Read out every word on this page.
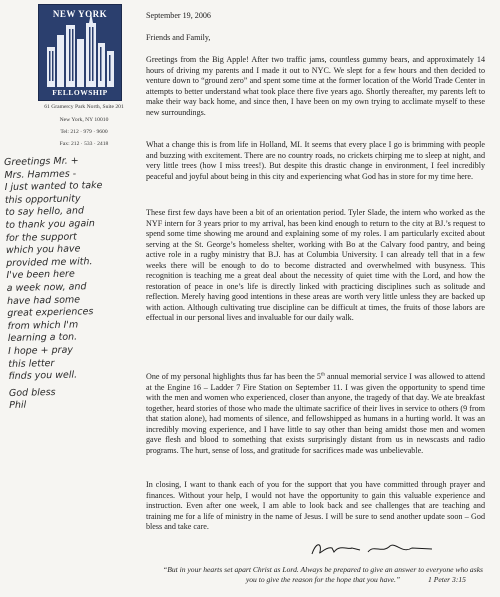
NEW YORK
FELLOWSHIP
61 Gramercy Park North, Suite 201
New York, NY 10010
Tel: 212 · 979 · 9600
Fax: 212 · 533 · 2418
Greetings Mr. +
Mrs. Hammes -
I just wanted to take
this opportunity
to say hello, and
to thank you again
for the support
which you have
provided me with.
I've been here
a week now, and
have had some
great experiences
from which I'm
learning a ton.
I hope + pray
this letter
finds you well.
God bless
Phil
September 19, 2006
Friends and Family,

Greetings from the Big Apple! After two traffic jams, countless gummy bears, and approximately 14 hours of driving my parents and I made it out to NYC. We slept for a few hours and then decided to venture down to “ground zero” and spent some time at the former location of the World Trade Center in attempts to better understand what took place there five years ago. Shortly thereafter, my parents left to make their way back home, and since then, I have been on my own trying to acclimate myself to these new surroundings.

What a change this is from life in Holland, MI. It seems that every place I go is brimming with people and buzzing with excitement. There are no country roads, no crickets chirping me to sleep at night, and very little trees (how I miss trees!). But despite this drastic change in environment, I feel incredibly peaceful and joyful about being in this city and experiencing what God has in store for my time here.

These first few days have been a bit of an orientation period. Tyler Slade, the intern who worked as the NYF intern for 3 years prior to my arrival, has been kind enough to return to the city at BJ.’s request to spend some time showing me around and explaining some of my roles. I am particularly excited about serving at the St. George’s homeless shelter, working with Bo at the Calvary food pantry, and being active role in a rugby ministry that B.J. has at Columbia University. I can already tell that in a few weeks there will be enough to do to become distracted and overwhelmed with busyness. This recognition is teaching me a great deal about the necessity of quiet time with the Lord, and how the restoration of peace in one’s life is directly linked with practicing disciplines such as solitude and reflection. Merely having good intentions in these areas are worth very little unless they are backed up with action. Although cultivating true discipline can be difficult at times, the fruits of those labors are effectual in our personal lives and invaluable for our daily walk.

One of my personal highlights thus far has been the 5th annual memorial service I was allowed to attend at the Engine 16 – Ladder 7 Fire Station on September 11. I was given the opportunity to spend time with the men and women who experienced, closer than anyone, the tragedy of that day. We ate breakfast together, heard stories of those who made the ultimate sacrifice of their lives in service to others (9 from that station alone), had moments of silence, and fellowshipped as humans in a hurting world. It was an incredibly moving experience, and I have little to say other than being amidst those men and women gave flesh and blood to something that exists surprisingly distant from us in newscasts and radio programs. The hurt, sense of loss, and gratitude for sacrifices made was unbelievable.

In closing, I want to thank each of you for the support that you have committed through prayer and finances. Without your help, I would not have the opportunity to gain this valuable experience and instruction. Even after one week, I am able to look back and see challenges that are teaching and training me for a life of ministry in the name of Jesus. I will be sure to send another update soon – God bless and take care.

“But in your hearts set apart Christ as Lord. Always be prepared to give an answer to everyone who asks you to give the reason for the hope that you have.”	1 Peter 3:15
